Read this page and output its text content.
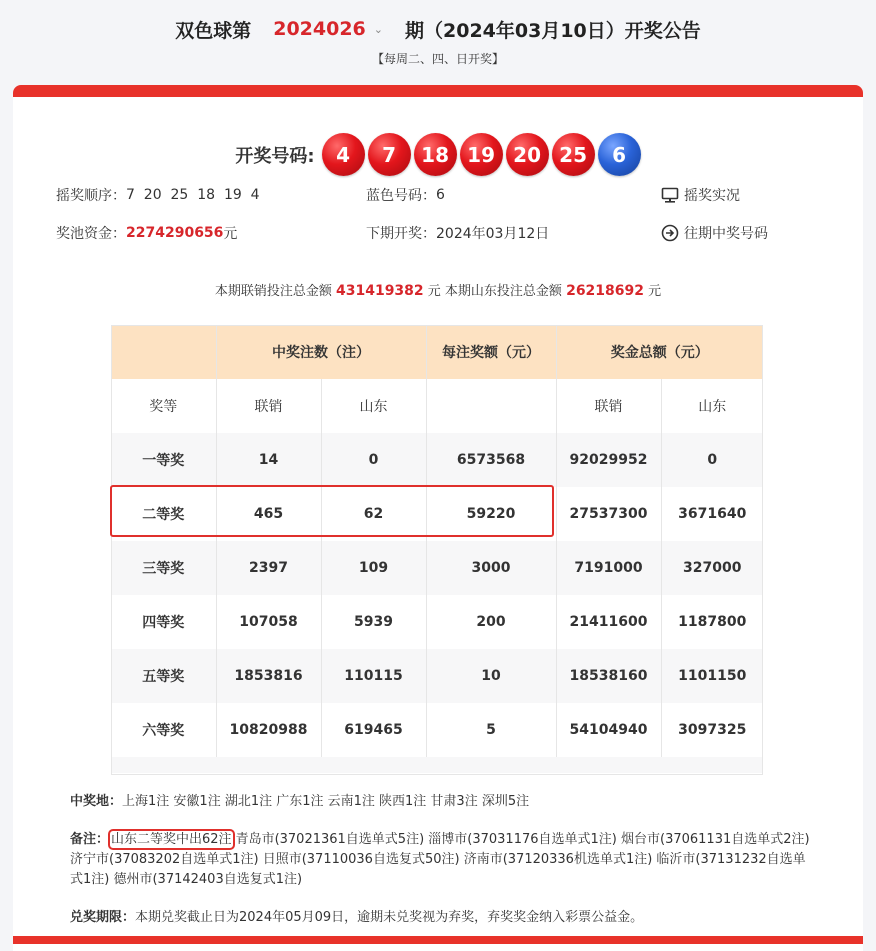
双色球第 2024026 ⌄ 期（2024年03月10日）开奖公告
【每周二、四、日开奖】
开奖号码:	4	7	18 19 20 25	6
摇奖顺序： 7  20  25  18  19  4	蓝色号码： 6	摇奖实况
奖池资金： 2274290656 元	下期开奖： 2024年03月12日	往期中奖号码
本期联销投注总金额 431419382 元 本期山东投注总金额 26218692 元
	中奖注数（注）		每注奖额（元）	奖金总额（元）	
奖等	联销	山东		联销	山东
一等奖	14	0	6573568	92029952	0
二等奖	465	62	59220	27537300	3671640
三等奖	2397	109	3000	7191000	327000
四等奖	107058	5939	200	21411600	1187800
五等奖	1853816	110115	10	18538160	1101150
六等奖	10820988	619465	5	54104940	3097325

中奖地：上海1注 安徽1注 湖北1注 广东1注 云南1注 陕西1注 甘肃3注 深圳5注
备注： 山东二等奖中出62注 青岛市(37021361自选单式5注) 淄博市(37031176自选单式1注) 烟台市(37061131自选单式2注) 济宁市(37083202自选单式1注) 日照市(37110036自选复式50注) 济南市(37120336机选单式1注) 临沂市(37131232自选单式1注) 德州市(37142403自选复式1注)
兑奖期限：本期兑奖截止日为2024年05月09日，逾期未兑奖视为弃奖，弃奖奖金纳入彩票公益金。
